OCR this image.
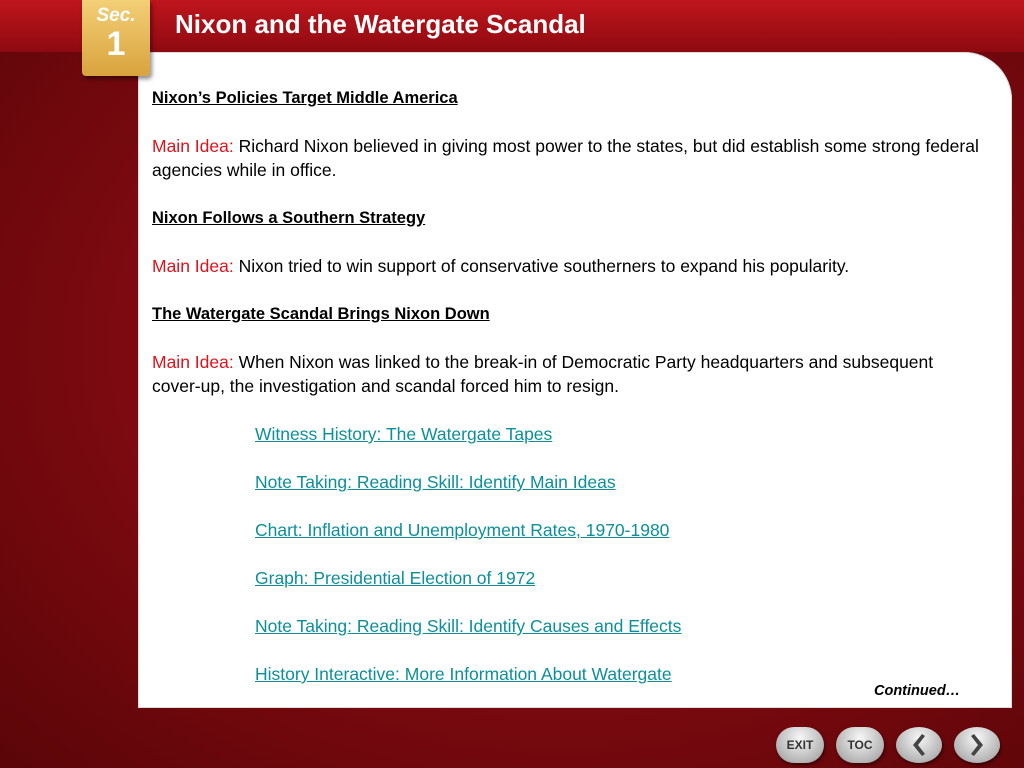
Nixon and the Watergate Scandal
Sec.
1

Nixon’s Policies Target Middle America

Main Idea: Richard Nixon believed in giving most power to the states, but did establish some strong federal agencies while in office.

Nixon Follows a Southern Strategy

Main Idea: Nixon tried to win support of conservative southerners to expand his popularity.

The Watergate Scandal Brings Nixon Down

Main Idea: When Nixon was linked to the break-in of Democratic Party headquarters and subsequent cover-up, the investigation and scandal forced him to resign.

Witness History: The Watergate Tapes
Note Taking: Reading Skill: Identify Main Ideas
Chart: Inflation and Unemployment Rates, 1970-1980
Graph: Presidential Election of 1972
Note Taking: Reading Skill: Identify Causes and Effects
History Interactive: More Information About Watergate
Continued…
EXIT	TOC
